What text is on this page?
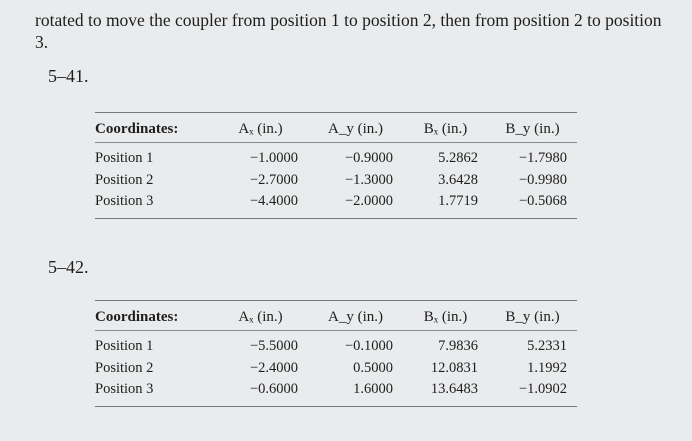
rotated to move the coupler from position 1 to position 2, then from position 2 to position 3.

5–41.

Coordinates:	Aₓ (in.)	A_y (in.)	Bₓ (in.)	B_y (in.)
Position 1	−1.0000	−0.9000	5.2862	−1.7980
Position 2	−2.7000	−1.3000	3.6428	−0.9980
Position 3	−4.4000	−2.0000	1.7719	−0.5068

5–42.

Coordinates:	Aₓ (in.)	A_y (in.)	Bₓ (in.)	B_y (in.)
Position 1	−5.5000	−0.1000	7.9836	5.2331
Position 2	−2.4000	0.5000	12.0831	1.1992
Position 3	−0.6000	1.6000	13.6483	−1.0902
